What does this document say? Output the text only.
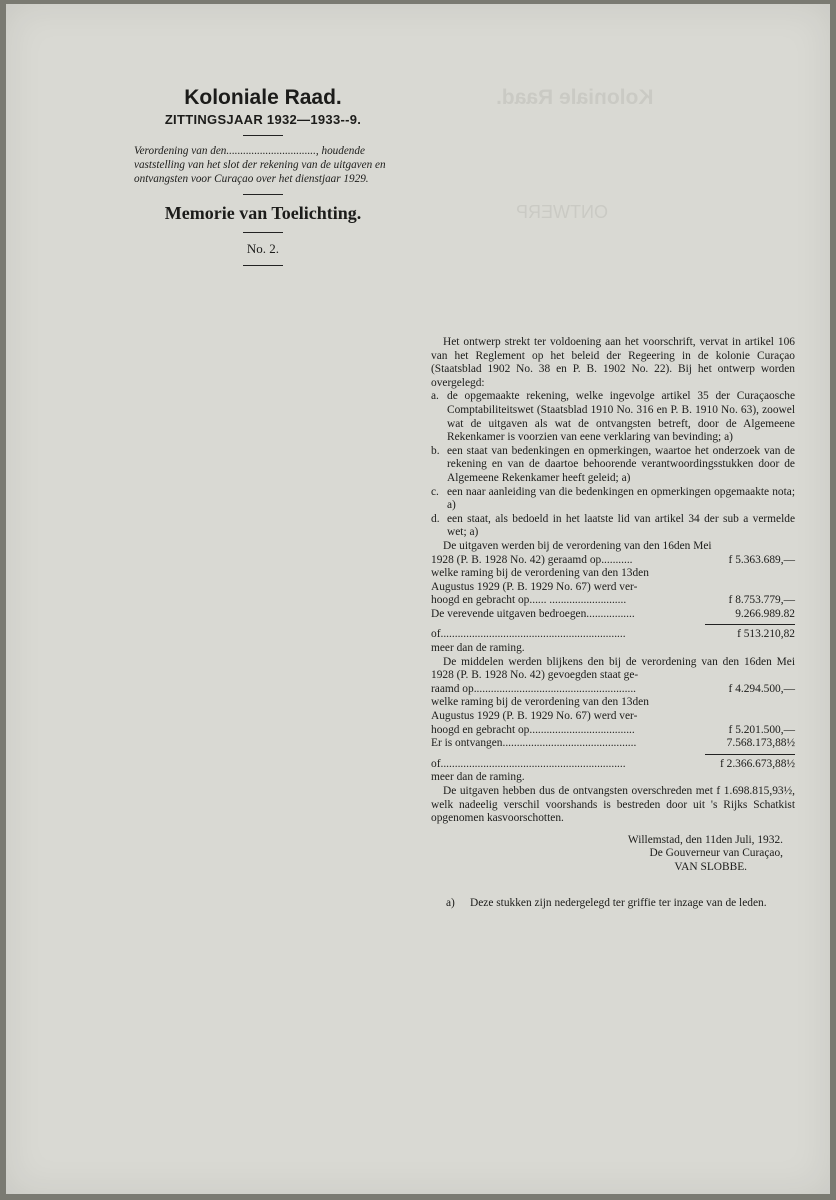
Koloniale Raad.
ONTWERP
Koloniale Raad.
ZITTINGSJAAR 1932—1933--9.
Verordening van den................................, houdende vaststelling van het slot der rekening van de uitgaven en ontvangsten voor Curaçao over het dienstjaar 1929.
Memorie van Toelichting.
No. 2.

Het ontwerp strekt ter voldoening aan het voorschrift, vervat in artikel 106 van het Reglement op het beleid der Regeering in de kolonie Curaçao (Staatsblad 1902 No. 38 en P. B. 1902 No. 22). Bij het ontwerp worden overgelegd:

a. de opgemaakte rekening, welke ingevolge artikel 35 der Curaçaosche Comptabiliteitswet (Staatsblad 1910 No. 316 en P. B. 1910 No. 63), zoowel wat de uitgaven als wat de ontvangsten betreft, door de Algemeene Rekenkamer is voorzien van eene verklaring van bevinding; a)
b. een staat van bedenkingen en opmerkingen, waartoe het onderzoek van de rekening en van de daartoe behoorende verantwoordingsstukken door de Algemeene Rekenkamer heeft geleid; a)
c. een naar aanleiding van die bedenkingen en opmerkingen opgemaakte nota; a)
d. een staat, als bedoeld in het laatste lid van artikel 34 der sub a vermelde wet; a)

De uitgaven werden bij de verordening van den 16den Mei

1928 (P. B. 1928 No. 42) geraamd op...........	f 5.363.689,—
welke raming bij de verordening van den 13den
Augustus 1929 (P. B. 1929 No. 67) werd ver-
hoogd en gebracht op...... ...........................	f 8.753.779,—
De verevende uitgaven bedroegen.................	9.266.989.82
of.................................................................	f 513.210,82

meer dan de raming.

De middelen werden blijkens den bij de verordening van den 16den Mei 1928 (P. B. 1928 No. 42) gevoegden staat ge-

raamd op.........................................................	f 4.294.500,—
welke raming bij de verordening van den 13den
Augustus 1929 (P. B. 1929 No. 67) werd ver-
hoogd en gebracht op.....................................	f 5.201.500,—
Er is ontvangen...............................................	7.568.173,88½
of.................................................................	f 2.366.673,88½

meer dan de raming.

De uitgaven hebben dus de ontvangsten overschreden met f 1.698.815,93½, welk nadeelig verschil voorshands is bestreden door uit 's Rijks Schatkist opgenomen kasvoorschotten.

Willemstad, den 11den Juli, 1932.
De Gouverneur van Curaçao,
VAN SLOBBE.
a)	Deze stukken zijn nedergelegd ter griffie ter inzage van de leden.
